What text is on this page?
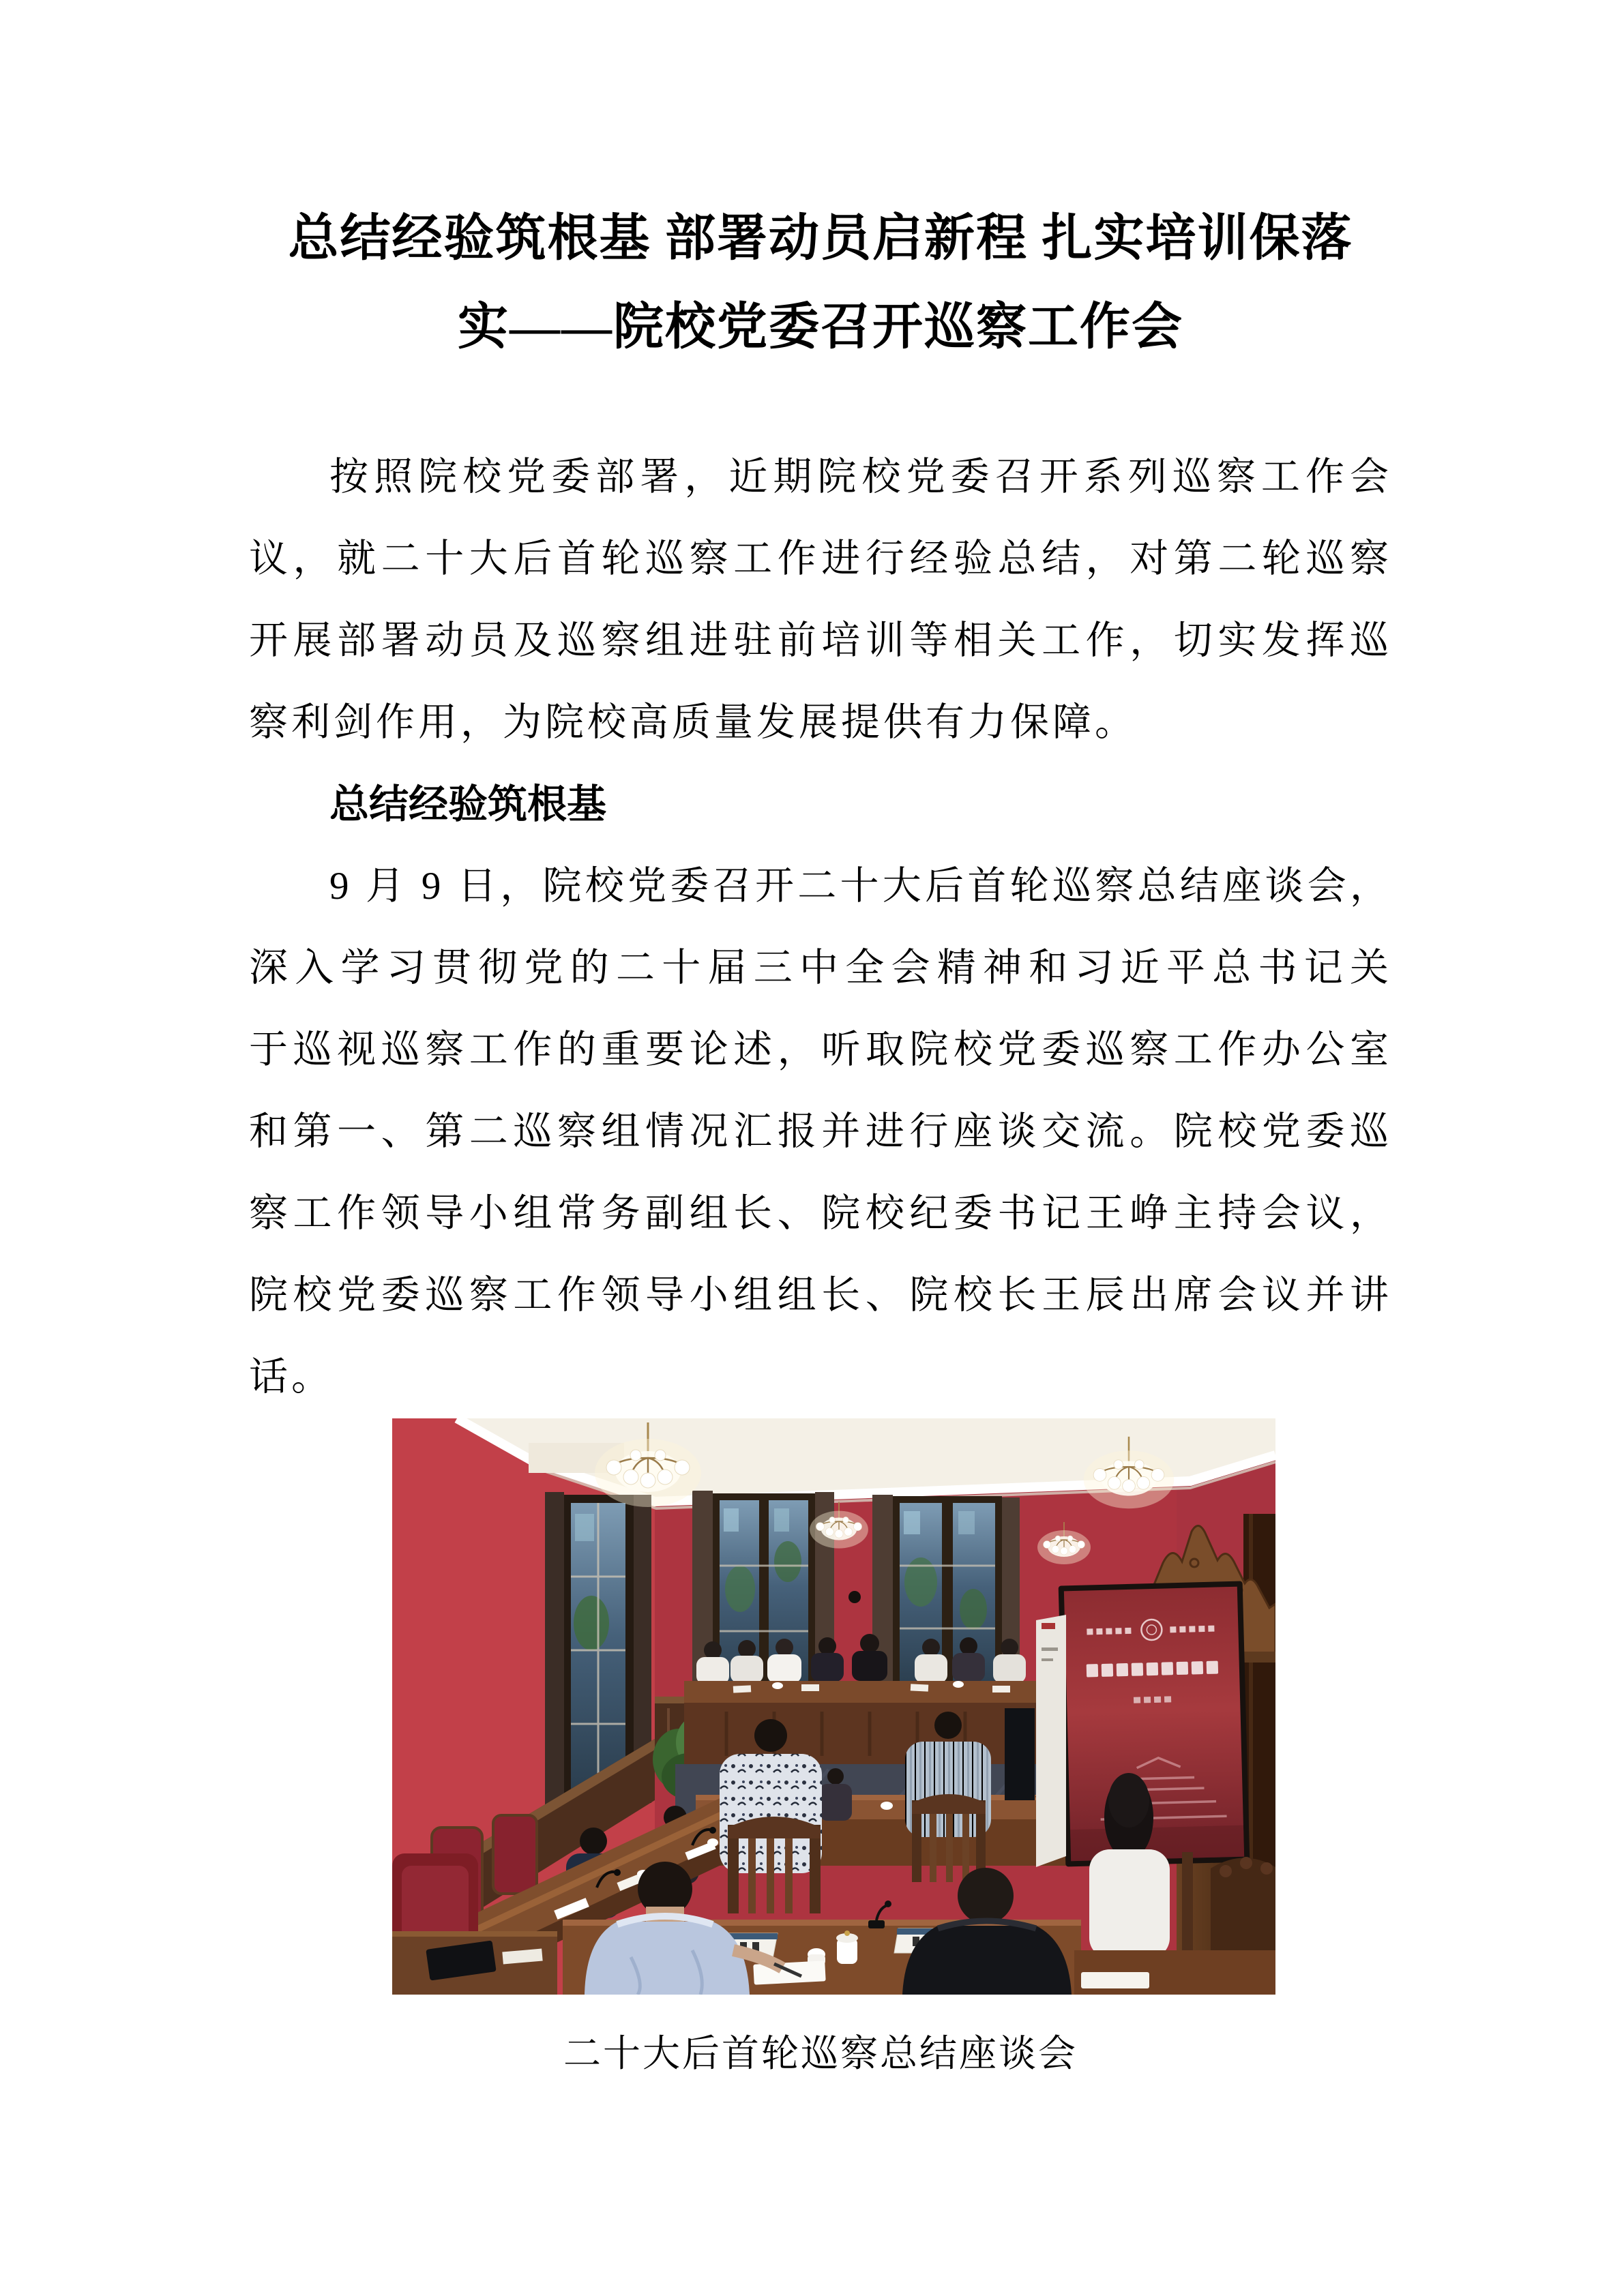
总结经验筑根基 部署动员启新程 扎实培训保落
实——院校党委召开巡察工作会
按照院校党委部署，近期院校党委召开系列巡察工作会
议，就二十大后首轮巡察工作进行经验总结，对第二轮巡察
开展部署动员及巡察组进驻前培训等相关工作，切实发挥巡
察利剑作用，为院校高质量发展提供有力保障。
总结经验筑根基
9 月 9 日，院校党委召开二十大后首轮巡察总结座谈会，
深入学习贯彻党的二十届三中全会精神和习近平总书记关
于巡视巡察工作的重要论述，听取院校党委巡察工作办公室
和第一、第二巡察组情况汇报并进行座谈交流。院校党委巡
察工作领导小组常务副组长、院校纪委书记王峥主持会议，
院校党委巡察工作领导小组组长、院校长王辰出席会议并讲
话。
二十大后首轮巡察总结座谈会
